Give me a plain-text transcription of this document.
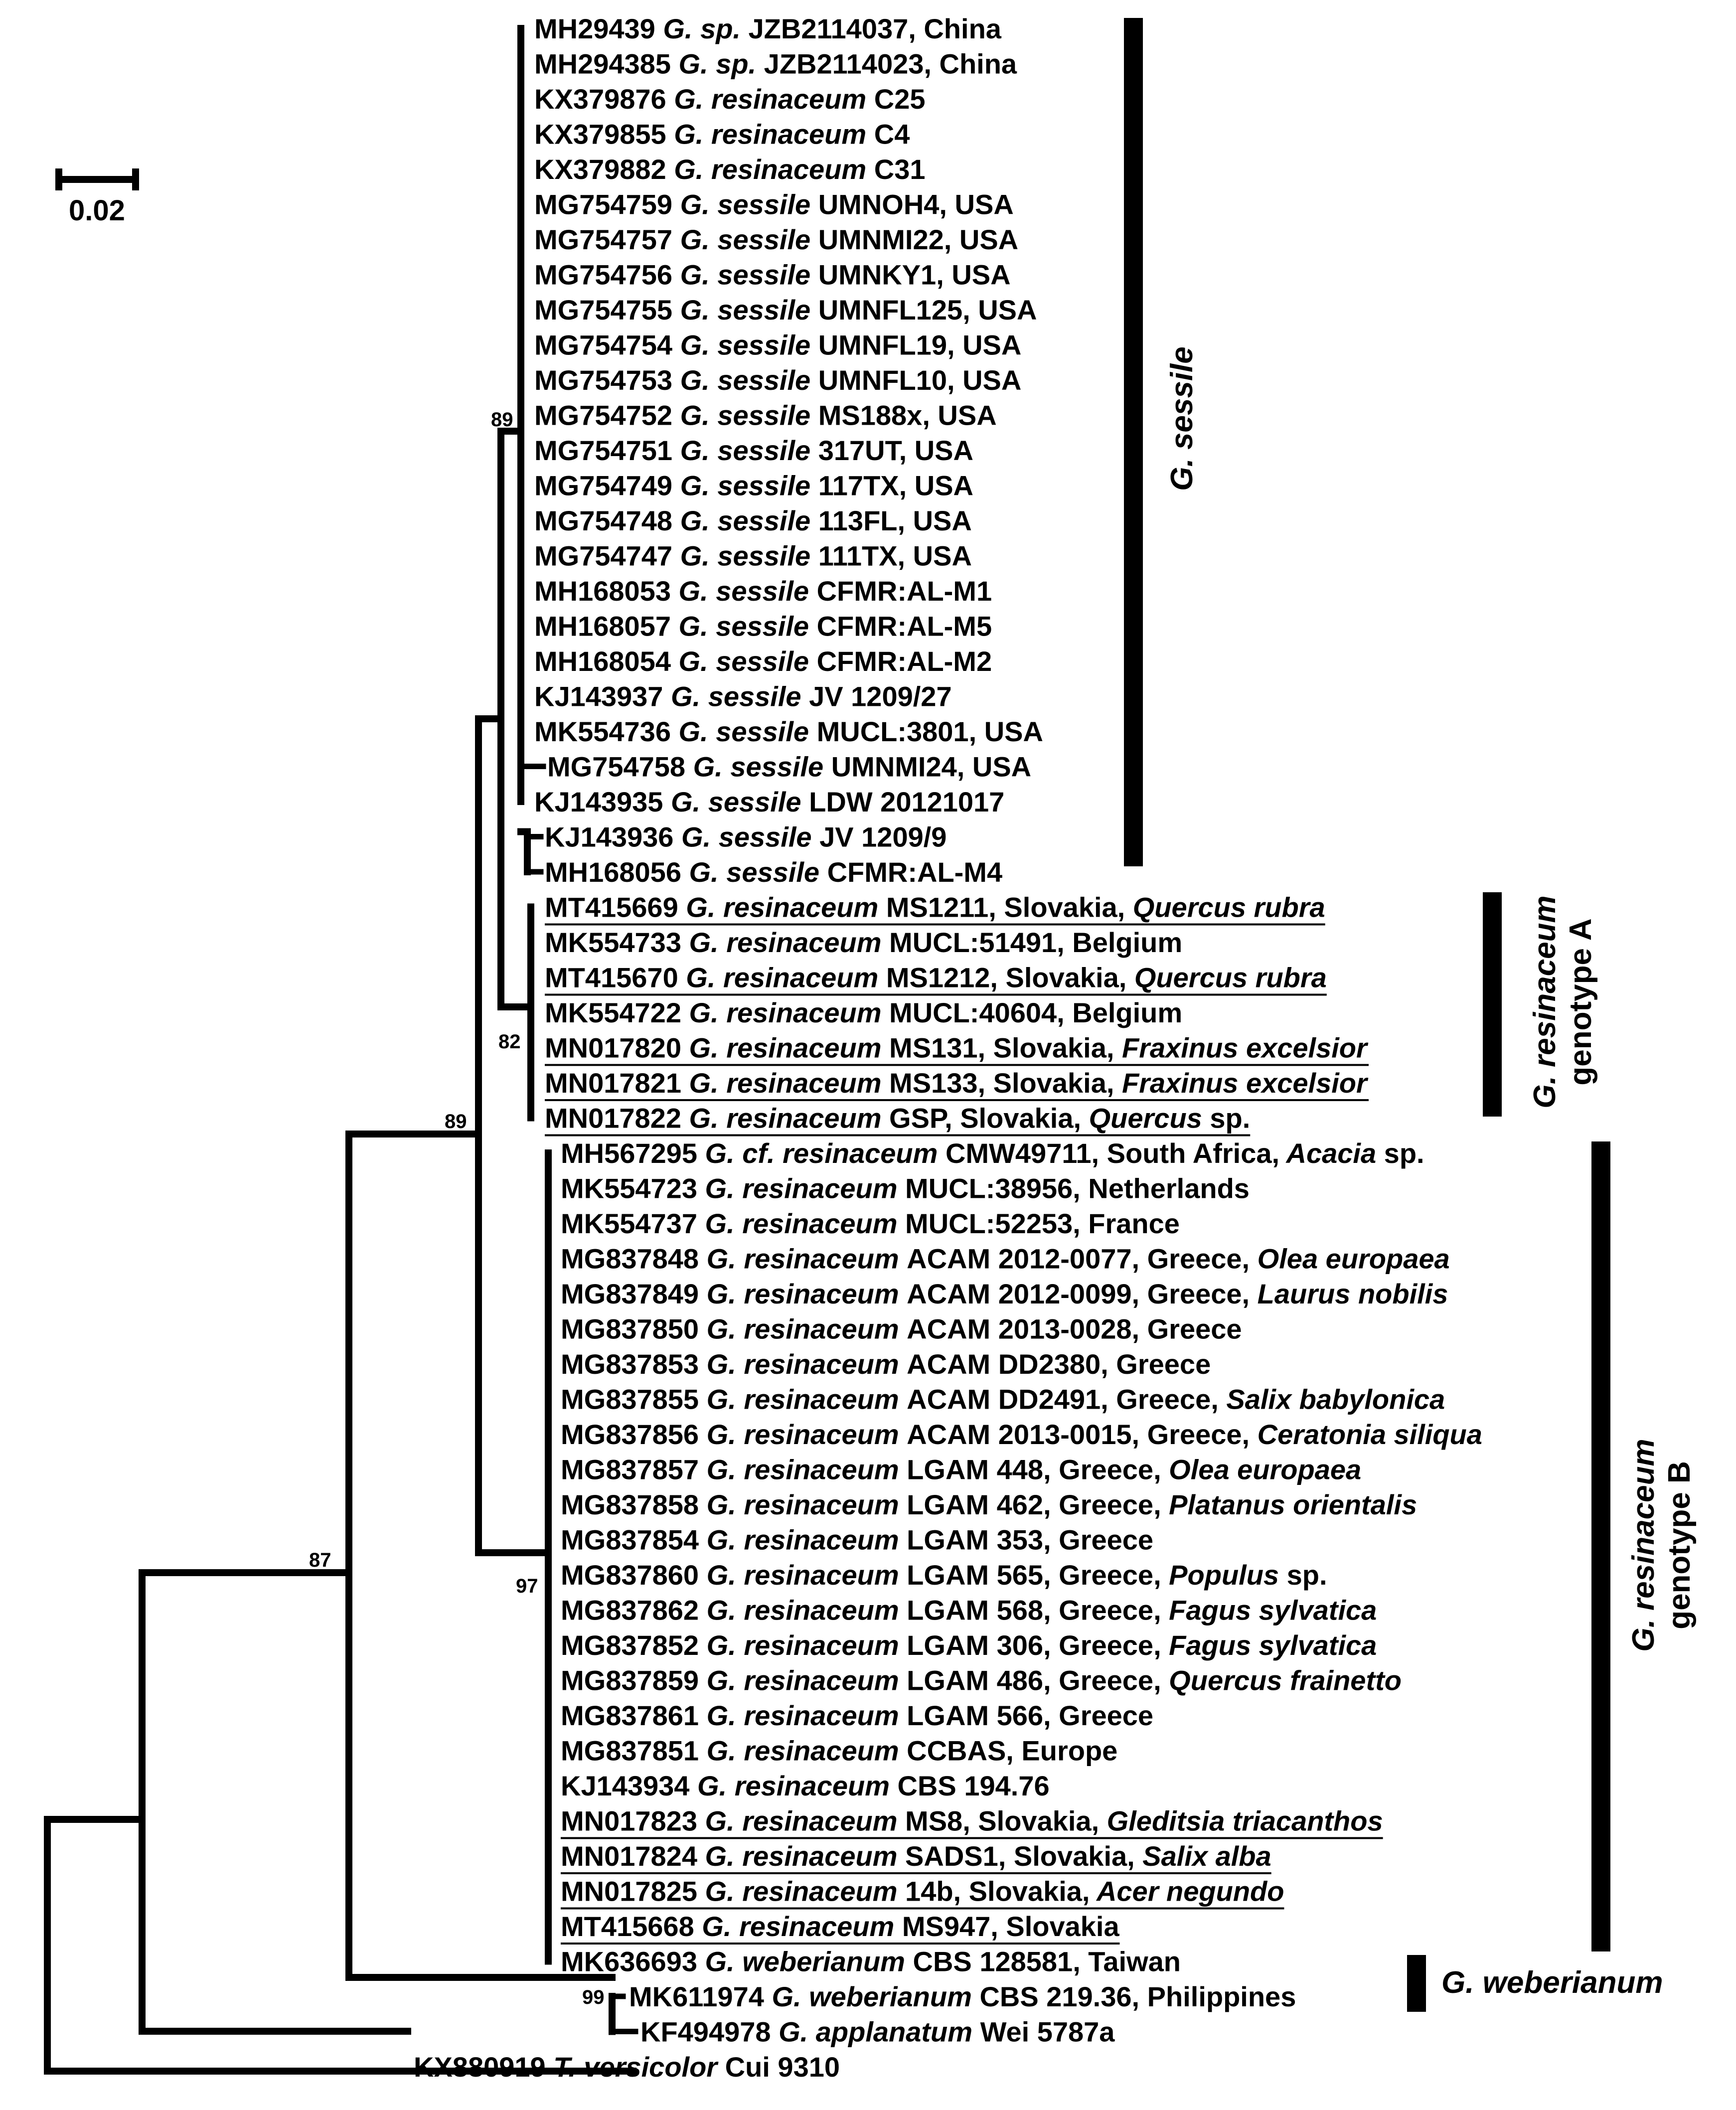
0.02
89
82
89
97
87
99
MH29439 G. sp. JZB2114037, China
MH294385 G. sp. JZB2114023, China
KX379876 G. resinaceum C25
KX379855 G. resinaceum C4
KX379882 G. resinaceum C31
MG754759 G. sessile UMNOH4, USA
MG754757 G. sessile UMNMI22, USA
MG754756 G. sessile UMNKY1, USA
MG754755 G. sessile UMNFL125, USA
MG754754 G. sessile UMNFL19, USA
MG754753 G. sessile UMNFL10, USA
MG754752 G. sessile MS188x, USA
MG754751 G. sessile 317UT, USA
MG754749 G. sessile 117TX, USA
MG754748 G. sessile 113FL, USA
MG754747 G. sessile 111TX, USA
MH168053 G. sessile CFMR:AL-M1
MH168057 G. sessile CFMR:AL-M5
MH168054 G. sessile CFMR:AL-M2
KJ143937 G. sessile JV 1209/27
MK554736 G. sessile MUCL:3801, USA
MG754758 G. sessile UMNMI24, USA
KJ143935 G. sessile LDW 20121017
KJ143936 G. sessile JV 1209/9
MH168056 G. sessile CFMR:AL-M4
MT415669 G. resinaceum MS1211, Slovakia, Quercus rubra
MK554733 G. resinaceum MUCL:51491, Belgium
MT415670 G. resinaceum MS1212, Slovakia, Quercus rubra
MK554722 G. resinaceum MUCL:40604, Belgium
MN017820 G. resinaceum MS131, Slovakia, Fraxinus excelsior
MN017821 G. resinaceum MS133, Slovakia, Fraxinus excelsior
MN017822 G. resinaceum GSP, Slovakia, Quercus sp.
MH567295 G. cf. resinaceum CMW49711, South Africa, Acacia sp.
MK554723 G. resinaceum MUCL:38956, Netherlands
MK554737 G. resinaceum MUCL:52253, France
MG837848 G. resinaceum ACAM 2012-0077, Greece, Olea europaea
MG837849 G. resinaceum ACAM 2012-0099, Greece, Laurus nobilis
MG837850 G. resinaceum ACAM 2013-0028, Greece
MG837853 G. resinaceum ACAM DD2380, Greece
MG837855 G. resinaceum ACAM DD2491, Greece, Salix babylonica
MG837856 G. resinaceum ACAM 2013-0015, Greece, Ceratonia siliqua
MG837857 G. resinaceum LGAM 448, Greece, Olea europaea
MG837858 G. resinaceum LGAM 462, Greece, Platanus orientalis
MG837854 G. resinaceum LGAM 353, Greece
MG837860 G. resinaceum LGAM 565, Greece, Populus sp.
MG837862 G. resinaceum LGAM 568, Greece, Fagus sylvatica
MG837852 G. resinaceum LGAM 306, Greece, Fagus sylvatica
MG837859 G. resinaceum LGAM 486, Greece, Quercus frainetto
MG837861 G. resinaceum LGAM 566, Greece
MG837851 G. resinaceum CCBAS, Europe
KJ143934 G. resinaceum CBS 194.76
MN017823 G. resinaceum MS8, Slovakia, Gleditsia triacanthos
MN017824 G. resinaceum SADS1, Slovakia, Salix alba
MN017825 G. resinaceum 14b, Slovakia, Acer negundo
MT415668 G. resinaceum MS947, Slovakia
MK636693 G. weberianum CBS 128581, Taiwan
MK611974 G. weberianum CBS 219.36, Philippines
KF494978 G. applanatum Wei 5787a
KX880919 T. versicolor Cui 9310
G. sessile
G. resinaceum genotype A
G. resinaceum genotype B
G. weberianum
